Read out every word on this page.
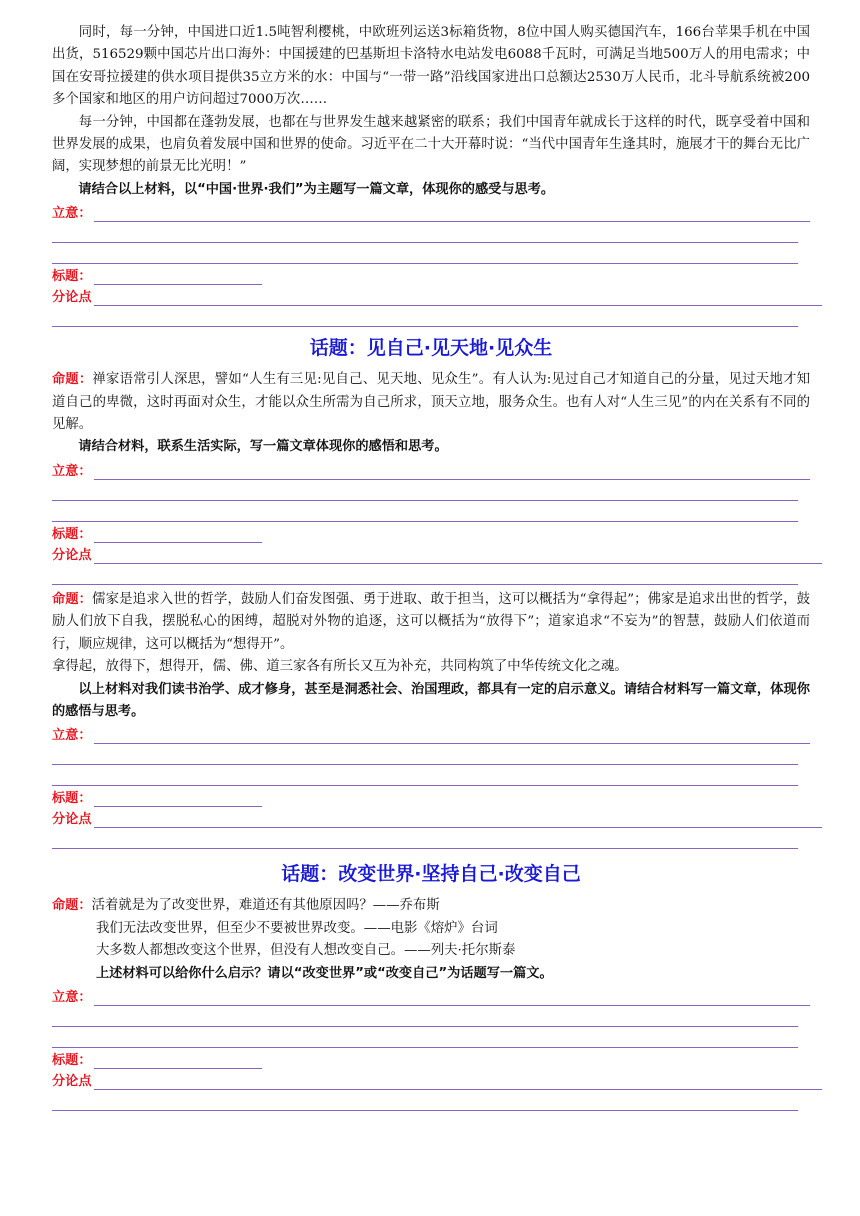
同时，每一分钟，中国进口近1.5吨智利樱桃，中欧班列运送3标箱货物，8位中国人购买德国汽车，166台苹果手机在中国出货，516529颗中国芯片出口海外：中国援建的巴基斯坦卡洛特水电站发电6088千瓦时，可满足当地500万人的用电需求；中国在安哥拉援建的供水项目提供35立方米的水：中国与“一带一路”沿线国家进出口总额达2530万人民币，北斗导航系统被200多个国家和地区的用户访问超过7000万次……

每一分钟，中国都在蓬勃发展，也都在与世界发生越来越紧密的联系；我们中国青年就成长于这样的时代，既享受着中国和世界发展的成果，也肩负着发展中国和世界的使命。习近平在二十大开幕时说：“当代中国青年生逢其时，施展才干的舞台无比广阔，实现梦想的前景无比光明！”

请结合以上材料，以“中国·世界·我们”为主题写一篇文章，体现你的感受与思考。

立意：
标题：
分论点
话题：见自己·见天地·见众生

命题：禅家语常引人深思，譬如“人生有三见:见自己、见天地、见众生”。有人认为:见过自己才知道自己的分量，见过天地才知道自己的卑微，这时再面对众生，才能以众生所需为自己所求，顶天立地，服务众生。也有人对“人生三见”的内在关系有不同的见解。

请结合材料，联系生活实际，写一篇文章体现你的感悟和思考。

立意：
标题：
分论点

命题：儒家是追求入世的哲学，鼓励人们奋发图强、勇于进取、敢于担当，这可以概括为“拿得起”；佛家是追求出世的哲学，鼓励人们放下自我，摆脱私心的困缚，超脱对外物的追逐，这可以概括为“放得下”；道家追求“不妄为”的智慧，鼓励人们依道而行，顺应规律，这可以概括为“想得开”。

拿得起，放得下，想得开，儒、佛、道三家各有所长又互为补充，共同构筑了中华传统文化之魂。

以上材料对我们读书治学、成才修身，甚至是洞悉社会、治国理政，都具有一定的启示意义。请结合材料写一篇文章，体现你的感悟与思考。

立意：
标题：
分论点
话题：改变世界·坚持自己·改变自己

命题：活着就是为了改变世界，难道还有其他原因吗？——乔布斯

我们无法改变世界，但至少不要被世界改变。——电影《熔炉》台词

大多数人都想改变这个世界，但没有人想改变自己。——列夫·托尔斯泰

上述材料可以给你什么启示？请以“改变世界”或“改变自己”为话题写一篇文。

立意：
标题：
分论点
